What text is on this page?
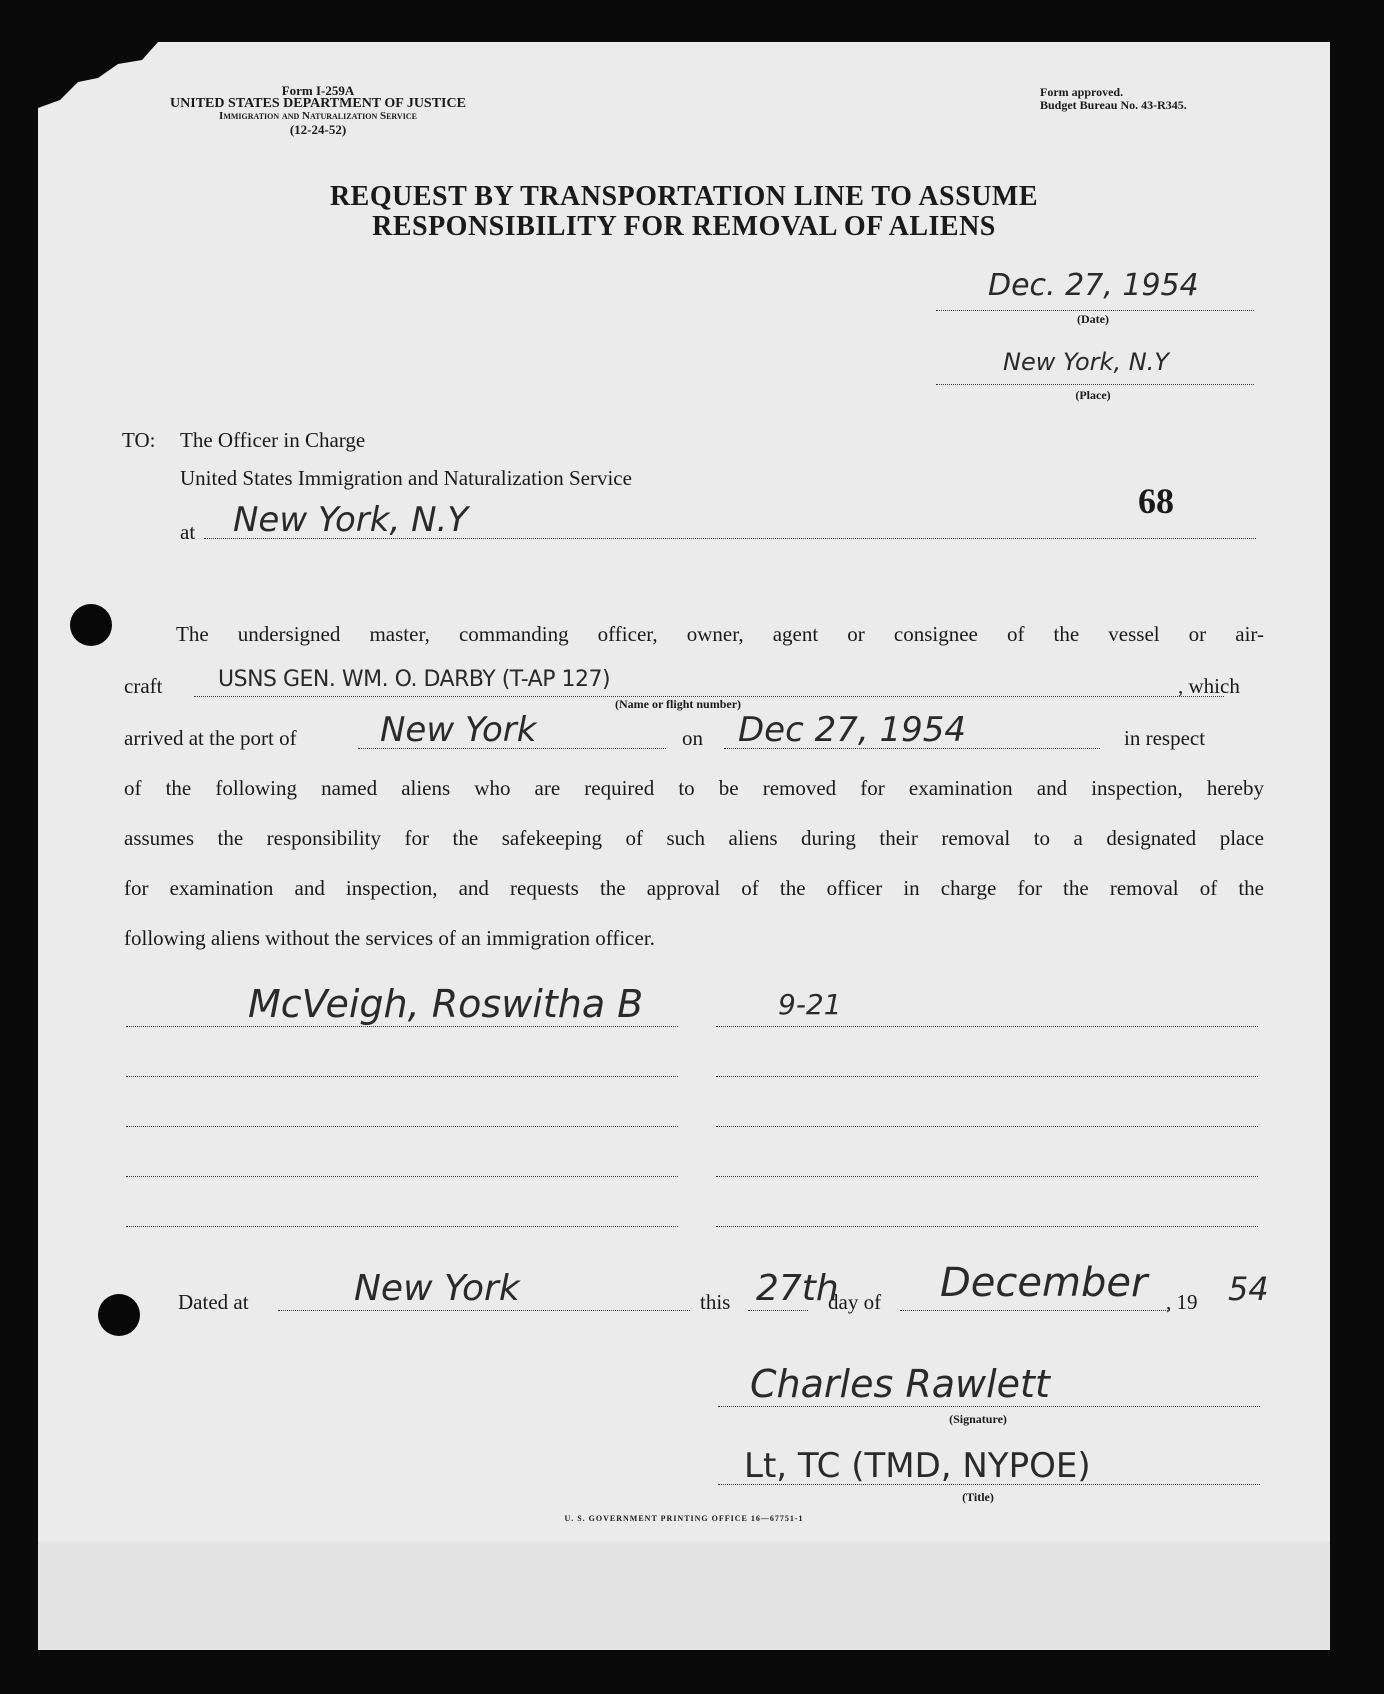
Form I-259A
UNITED STATES DEPARTMENT OF JUSTICE
Immigration and Naturalization Service
(12-24-52)
Form approved.
Budget Bureau No. 43-R345.
REQUEST BY TRANSPORTATION LINE TO ASSUME
RESPONSIBILITY FOR REMOVAL OF ALIENS
Dec. 27, 1954
(Date)
New York, N.Y
(Place)
TO: The Officer in Charge
United States Immigration and Naturalization Service
68
at New York, N.Y
The undersigned master, commanding officer, owner, agent or consignee of the vessel or air-
craft	USNS GEN. WM. O. DARBY (T-AP 127)	, which
(Name or flight number)
arrived at the port of New York	on Dec 27, 1954	in respect
of the following named aliens who are required to be removed for examination and inspection, hereby
assumes the responsibility for the safekeeping of such aliens during their removal to a designated place
for examination and inspection, and requests the approval of the officer in charge for the removal of the
following aliens without the services of an immigration officer.
McVeigh, Roswitha B	9-21
Dated at	New York	this 27th
day of December , 19 54
Charles Rawlett
(Signature)
Lt, TC (TMD, NYPOE)
(Title)
U. S. GOVERNMENT PRINTING OFFICE 16—67751-1
